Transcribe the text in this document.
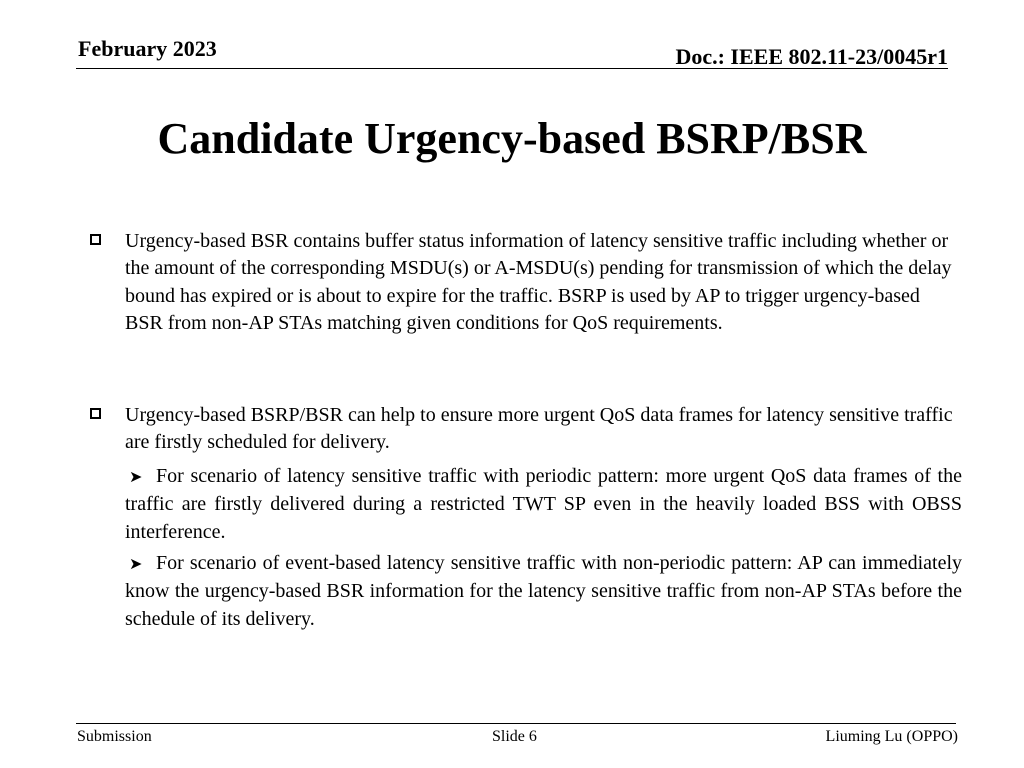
February 2023	Doc.: IEEE 802.11-23/0045r1
Candidate Urgency-based BSRP/BSR
Urgency-based BSR contains buffer status information of latency sensitive traffic including whether or the amount of the corresponding MSDU(s) or A-MSDU(s) pending for transmission of which the delay bound has expired or is about to expire for the traffic. BSRP is used by AP to trigger urgency-based BSR from non-AP STAs matching given conditions for QoS requirements.
Urgency-based BSRP/BSR can help to ensure more urgent QoS data frames for latency sensitive traffic are firstly scheduled for delivery.
➤ For scenario of latency sensitive traffic with periodic pattern: more urgent QoS data frames of the traffic are firstly delivered during a restricted TWT SP even in the heavily loaded BSS with OBSS interference.
➤ For scenario of event-based latency sensitive traffic with non-periodic pattern: AP can immediately know the urgency-based BSR information for the latency sensitive traffic from non-AP STAs before the schedule of its delivery.
Submission	Slide 6	Liuming Lu (OPPO)
